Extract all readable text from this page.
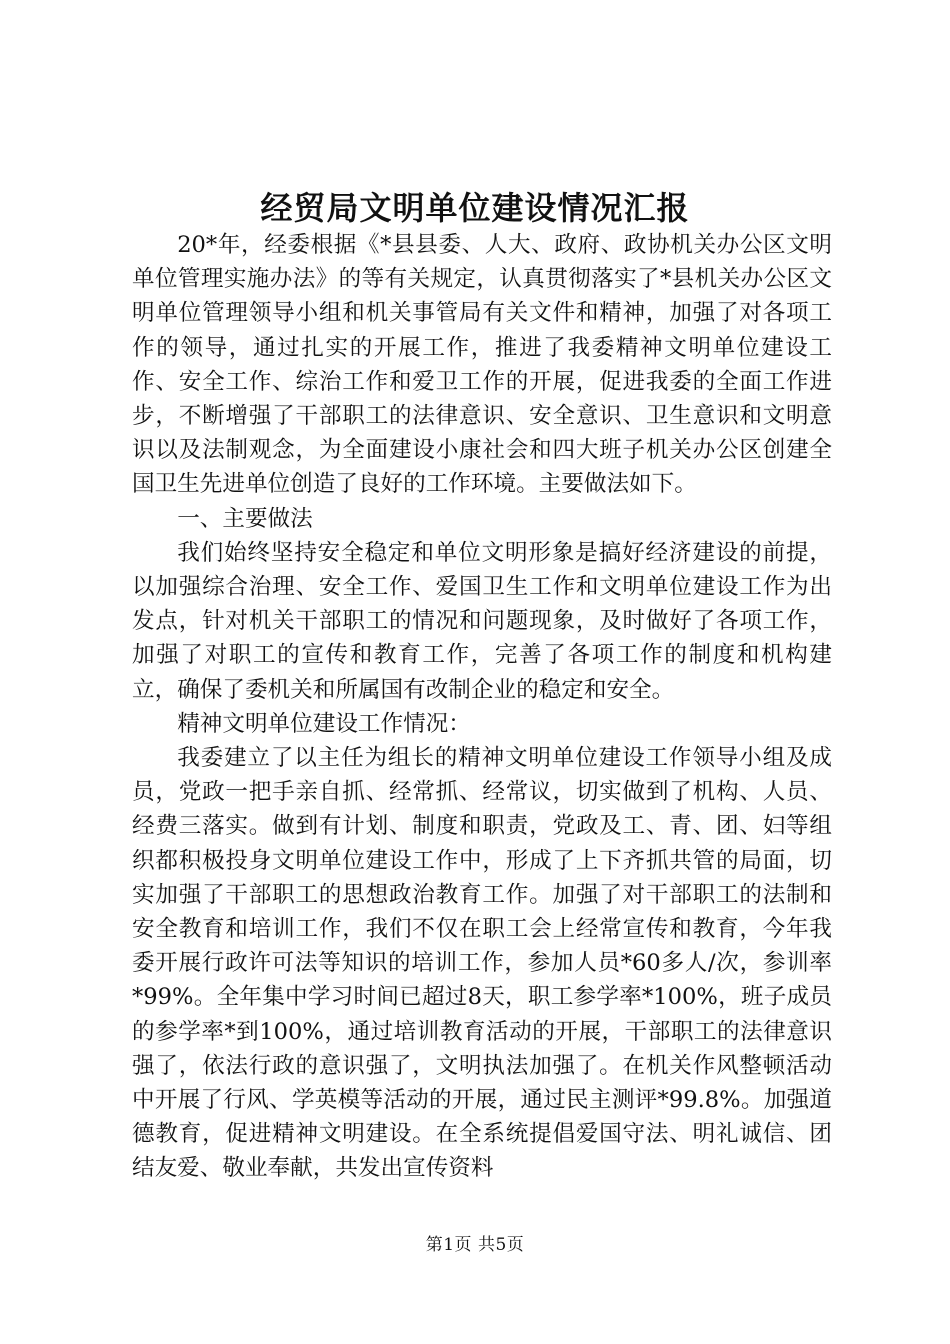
经贸局文明单位建设情况汇报

20*年，经委根据《*县县委、人大、政府、政协机关办公区文明单位管理实施办法》的等有关规定，认真贯彻落实了*县机关办公区文明单位管理领导小组和机关事管局有关文件和精神，加强了对各项工作的领导，通过扎实的开展工作，推进了我委精神文明单位建设工作、安全工作、综治工作和爱卫工作的开展，促进我委的全面工作进步，不断增强了干部职工的法律意识、安全意识、卫生意识和文明意识以及法制观念，为全面建设小康社会和四大班子机关办公区创建全国卫生先进单位创造了良好的工作环境。主要做法如下。

一、主要做法

我们始终坚持安全稳定和单位文明形象是搞好经济建设的前提，以加强综合治理、安全工作、爱国卫生工作和文明单位建设工作为出发点，针对机关干部职工的情况和问题现象，及时做好了各项工作，加强了对职工的宣传和教育工作，完善了各项工作的制度和机构建立，确保了委机关和所属国有改制企业的稳定和安全。

精神文明单位建设工作情况：

我委建立了以主任为组长的精神文明单位建设工作领导小组及成员，党政一把手亲自抓、经常抓、经常议，切实做到了机构、人员、经费三落实。做到有计划、制度和职责，党政及工、青、团、妇等组织都积极投身文明单位建设工作中，形成了上下齐抓共管的局面，切实加强了干部职工的思想政治教育工作。加强了对干部职工的法制和安全教育和培训工作，我们不仅在职工会上经常宣传和教育，今年我委开展行政许可法等知识的培训工作，参加人员*60多人/次，参训率*99%。全年集中学习时间已超过8天，职工参学率*100%，班子成员的参学率*到100%，通过培训教育活动的开展，干部职工的法律意识强了，依法行政的意识强了，文明执法加强了。在机关作风整顿活动中开展了行风、学英模等活动的开展，通过民主测评*99.8%。加强道德教育，促进精神文明建设。在全系统提倡爱国守法、明礼诚信、团结友爱、敬业奉献，共发出宣传资料

第1页 共5页
